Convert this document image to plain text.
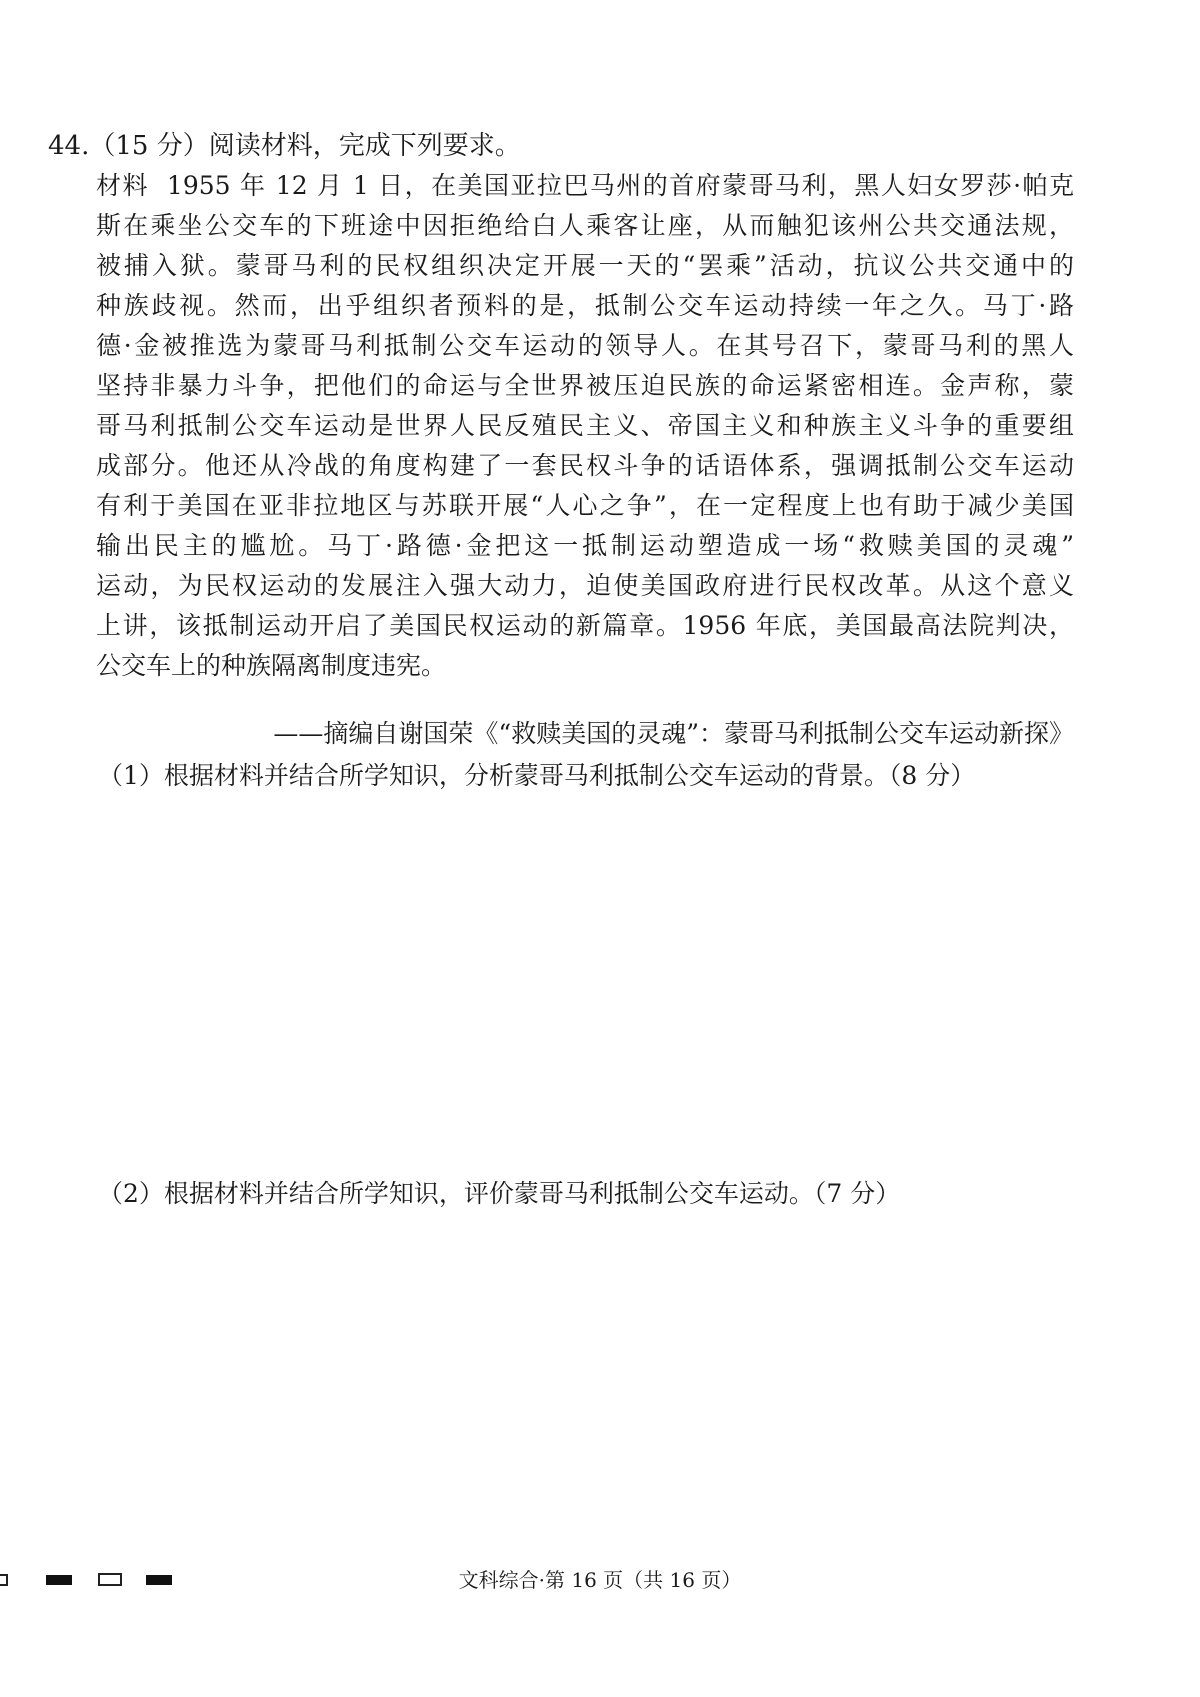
44.（15 分）阅读材料，完成下列要求。
材料 1955 年 12 月 1 日，在美国亚拉巴马州的首府蒙哥马利，黑人妇女罗莎·帕克
斯在乘坐公交车的下班途中因拒绝给白人乘客让座，从而触犯该州公共交通法规，
被捕入狱。蒙哥马利的民权组织决定开展一天的“罢乘”活动，抗议公共交通中的
种族歧视。然而，出乎组织者预料的是，抵制公交车运动持续一年之久。马丁·路
德·金被推选为蒙哥马利抵制公交车运动的领导人。在其号召下，蒙哥马利的黑人
坚持非暴力斗争，把他们的命运与全世界被压迫民族的命运紧密相连。金声称，蒙
哥马利抵制公交车运动是世界人民反殖民主义、帝国主义和种族主义斗争的重要组
成部分。他还从冷战的角度构建了一套民权斗争的话语体系，强调抵制公交车运动
有利于美国在亚非拉地区与苏联开展“人心之争”，在一定程度上也有助于减少美国
输出民主的尴尬。马丁·路德·金把这一抵制运动塑造成一场“救赎美国的灵魂”
运动，为民权运动的发展注入强大动力，迫使美国政府进行民权改革。从这个意义
上讲，该抵制运动开启了美国民权运动的新篇章。1956 年底，美国最高法院判决，
公交车上的种族隔离制度违宪。
——摘编自谢国荣《“救赎美国的灵魂”：蒙哥马利抵制公交车运动新探》
（1）根据材料并结合所学知识，分析蒙哥马利抵制公交车运动的背景。（8 分）
（2）根据材料并结合所学知识，评价蒙哥马利抵制公交车运动。（7 分）
文科综合·第 16 页（共 16 页）
